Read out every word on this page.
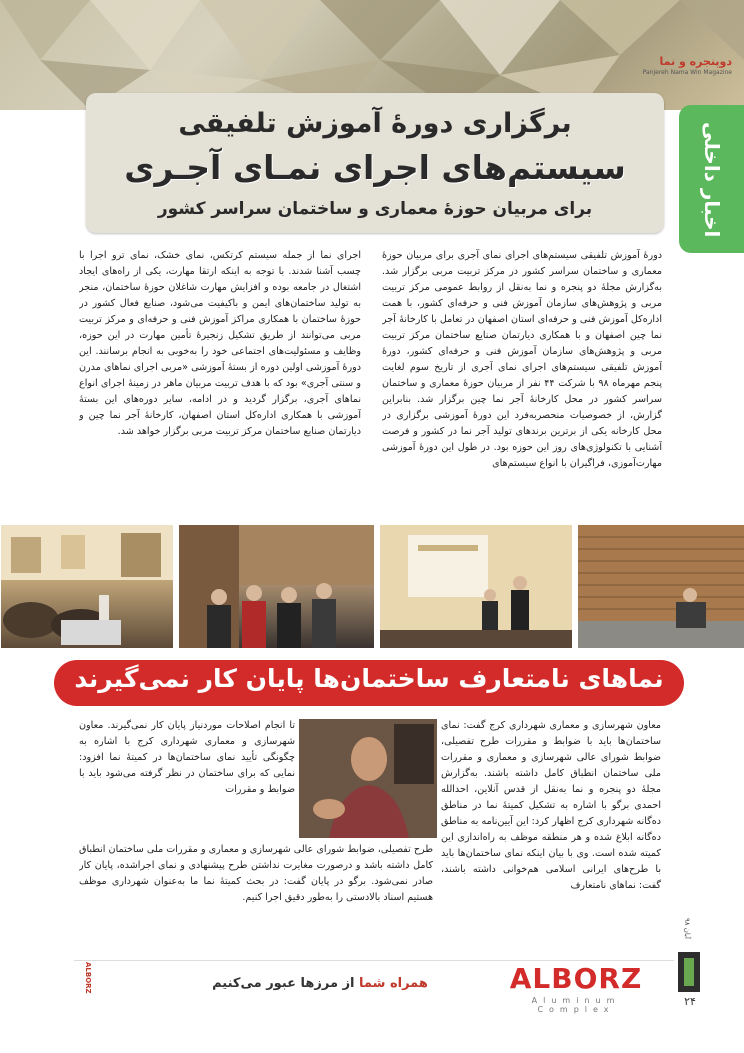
دوپنجره و نما
Panjereh Nama Win Magazine
برگزاری دورۀ آموزش تلفیقی
سیستم‌های اجرای نمـای آجـری
برای مربیان حوزۀ معماری و ساختمان سراسر کشور	اخبار داخلی
دورۀ آموزش تلفیقی سیستم‌های اجرای نمای آجری برای مربیان حوزۀ معماری و ساختمان سراسر کشور در مرکز تربیت مربی برگزار شد. به‌گزارش مجلۀ دو پنجره و نما به‌نقل از روابط عمومی مرکز تربیت مربی و پژوهش‌های سازمان آموزش فنی و حرفه‌ای کشور، با همت اداره‌کل آموزش فنی و حرفه‌ای استان اصفهان در تعامل با کارخانۀ آجر نما چین اصفهان و با همکاری دیارتمان صنایع ساختمان مرکز تربیت مربی و پژوهش‌های سازمان آموزش فنی و حرفه‌ای کشور، دورۀ آموزش تلفیقی سیستم‌های اجرای نمای آجری از تاریخ سوم لغایت پنجم مهرماه ۹۸ با شرکت ۴۴ نفر از مربیان حوزۀ معماری و ساختمان سراسر کشور در محل کارخانۀ آجر نما چین برگزار شد. بنابراین گزارش، از خصوصیات منحصربه‌فرد این دورۀ آموزشی برگزاری در محل کارخانه یکی از برترین برندهای تولید آجر نما در کشور و فرصت آشنایی با تکنولوژی‌های روز این حوزه بود. در طول این دورۀ آموزشی مهارت‌آموزی، فراگیران با انواع سیستم‌های
اجرای نما از جمله سیستم کرتکس، نمای خشک، نمای ترو اجرا با چسب آشنا شدند. با توجه به اینکه ارتقا مهارت، یکی از راه‌های ایجاد اشتغال در جامعه بوده و افزایش مهارت شاغلان حوزۀ ساختمان، منجر به تولید ساختمان‌های ایمن و باکیفیت می‌شود، صنایع فعال کشور در حوزۀ ساختمان با همکاری مراکز آموزش فنی و حرفه‌ای و مرکز تربیت مربی می‌توانند از طریق تشکیل زنجیرۀ تأمین مهارت در این حوزه، وظایف و مسئولیت‌های اجتماعی خود را به‌خوبی به انجام برسانند. این دورۀ آموزشی اولین دوره از بستۀ آموزشی «مربی اجرای نماهای مدرن و سنتی آجری» بود که با هدف تربیت مربیان ماهر در زمینۀ اجرای انواع نماهای آجری، برگزار گردید و در ادامه، سایر دوره‌های این بستۀ آموزشی با همکاری اداره‌کل استان اصفهان، کارخانۀ آجر نما چین و دیارتمان صنایع ساختمان مرکز تربیت مربی برگزار خواهد شد.
نماهای نامتعارف ساختمان‌ها پایان کار نمی‌گیرند
معاون شهرسازی و معماری شهرداری کرج گفت: نمای ساختمان‌ها باید با ضوابط و مقررات طرح تفصیلی، ضوابط شورای عالی شهرسازی و معماری و مقررات ملی ساختمان انطباق کامل داشته باشند. به‌گزارش مجلۀ دو پنجره و نما به‌نقل از قدس آنلاین، احدالله احمدی برگو با اشاره به تشکیل کمیتۀ نما در مناطق ده‌گانه شهرداری کرج اظهار کرد: این آیین‌نامه به مناطق ده‌گانه ابلاغ شده و هر منطقه موظف به راه‌اندازی این کمیته شده است. وی با بیان اینکه نمای ساختمان‌ها باید با طرح‌های ایرانی اسلامی هم‌خوانی داشته باشند، گفت: نماهای نامتعارف
تا انجام اصلاحات موردنیاز پایان کار نمی‌گیرند. معاون شهرسازی و معماری شهرداری کرج با اشاره به چگونگی تأیید نمای ساختمان‌ها در کمیتۀ نما افزود: نمایی که برای ساختمان در نظر گرفته می‌شود باید با ضوابط و مقررات
طرح تفصیلی، ضوابط شورای عالی شهرسازی و معماری و مقررات ملی ساختمان انطباق کامل داشته باشد و درصورت مغایرت نداشتن طرح پیشنهادی و نمای اجراشده، پایان کار صادر نمی‌شود. برگو در پایان گفت: در بحث کمیتۀ نما ما به‌عنوان شهرداری موظف هستیم اسناد بالادستی را به‌طور دقیق اجرا کنیم.
همراه شما از مرزها عبور می‌کنیم	ALBORZ
Aluminum Complex
آبان ۹۸
۲۴
ALBORZ
